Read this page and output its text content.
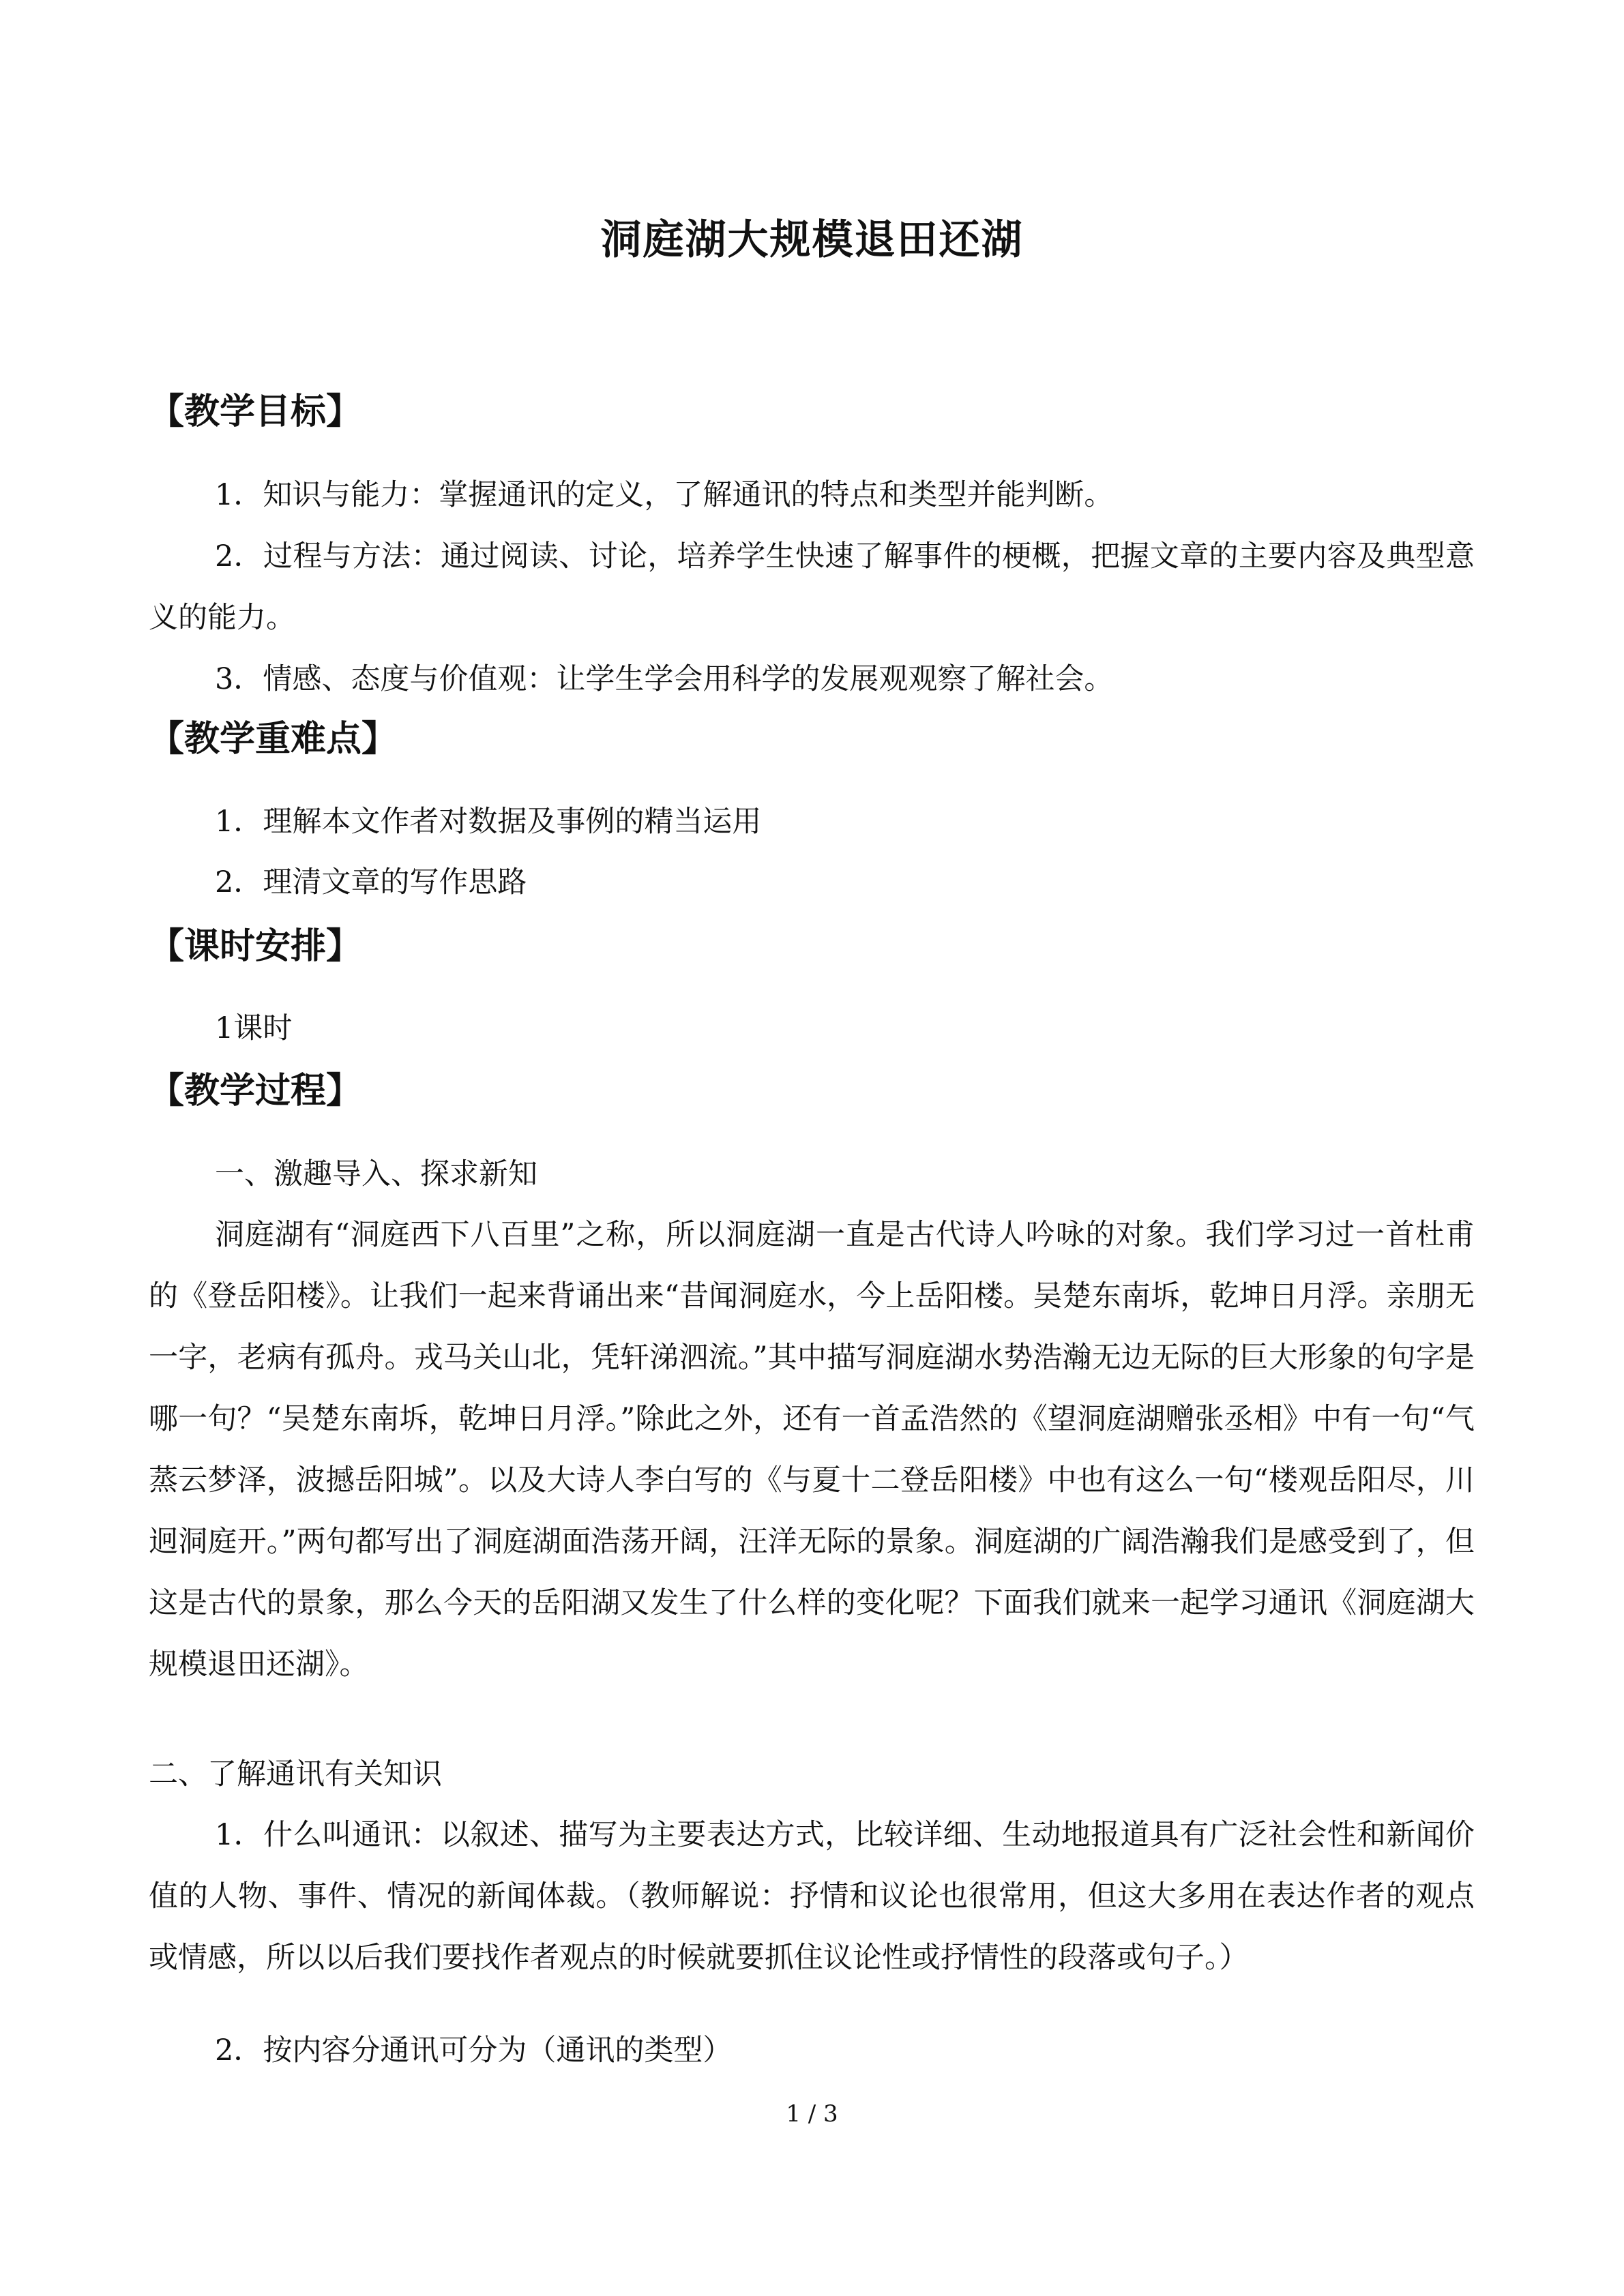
洞庭湖大规模退田还湖
【教学目标】
1．知识与能力：掌握通讯的定义，了解通讯的特点和类型并能判断。
2．过程与方法：通过阅读、讨论，培养学生快速了解事件的梗概，把握文章的主要内容及典型意义的能力。
3．情感、态度与价值观：让学生学会用科学的发展观观察了解社会。
【教学重难点】
1．理解本文作者对数据及事例的精当运用
2．理清文章的写作思路
【课时安排】
1课时
【教学过程】
一、激趣导入、探求新知
洞庭湖有“洞庭西下八百里”之称，所以洞庭湖一直是古代诗人吟咏的对象。我们学习过一首杜甫的《登岳阳楼》。让我们一起来背诵出来“昔闻洞庭水，今上岳阳楼。吴楚东南坼，乾坤日月浮。亲朋无一字，老病有孤舟。戎马关山北，凭轩涕泗流。”其中描写洞庭湖水势浩瀚无边无际的巨大形象的句字是哪一句？“吴楚东南坼，乾坤日月浮。”除此之外，还有一首孟浩然的《望洞庭湖赠张丞相》中有一句“气蒸云梦泽，波撼岳阳城”。以及大诗人李白写的《与夏十二登岳阳楼》中也有这么一句“楼观岳阳尽，川迥洞庭开。”两句都写出了洞庭湖面浩荡开阔，汪洋无际的景象。洞庭湖的广阔浩瀚我们是感受到了，但这是古代的景象，那么今天的岳阳湖又发生了什么样的变化呢？下面我们就来一起学习通讯《洞庭湖大规模退田还湖》。
二、了解通讯有关知识
1．什么叫通讯：以叙述、描写为主要表达方式，比较详细、生动地报道具有广泛社会性和新闻价值的人物、事件、情况的新闻体裁。（教师解说：抒情和议论也很常用，但这大多用在表达作者的观点或情感，所以以后我们要找作者观点的时候就要抓住议论性或抒情性的段落或句子。）
2．按内容分通讯可分为（通讯的类型）
1 / 3
